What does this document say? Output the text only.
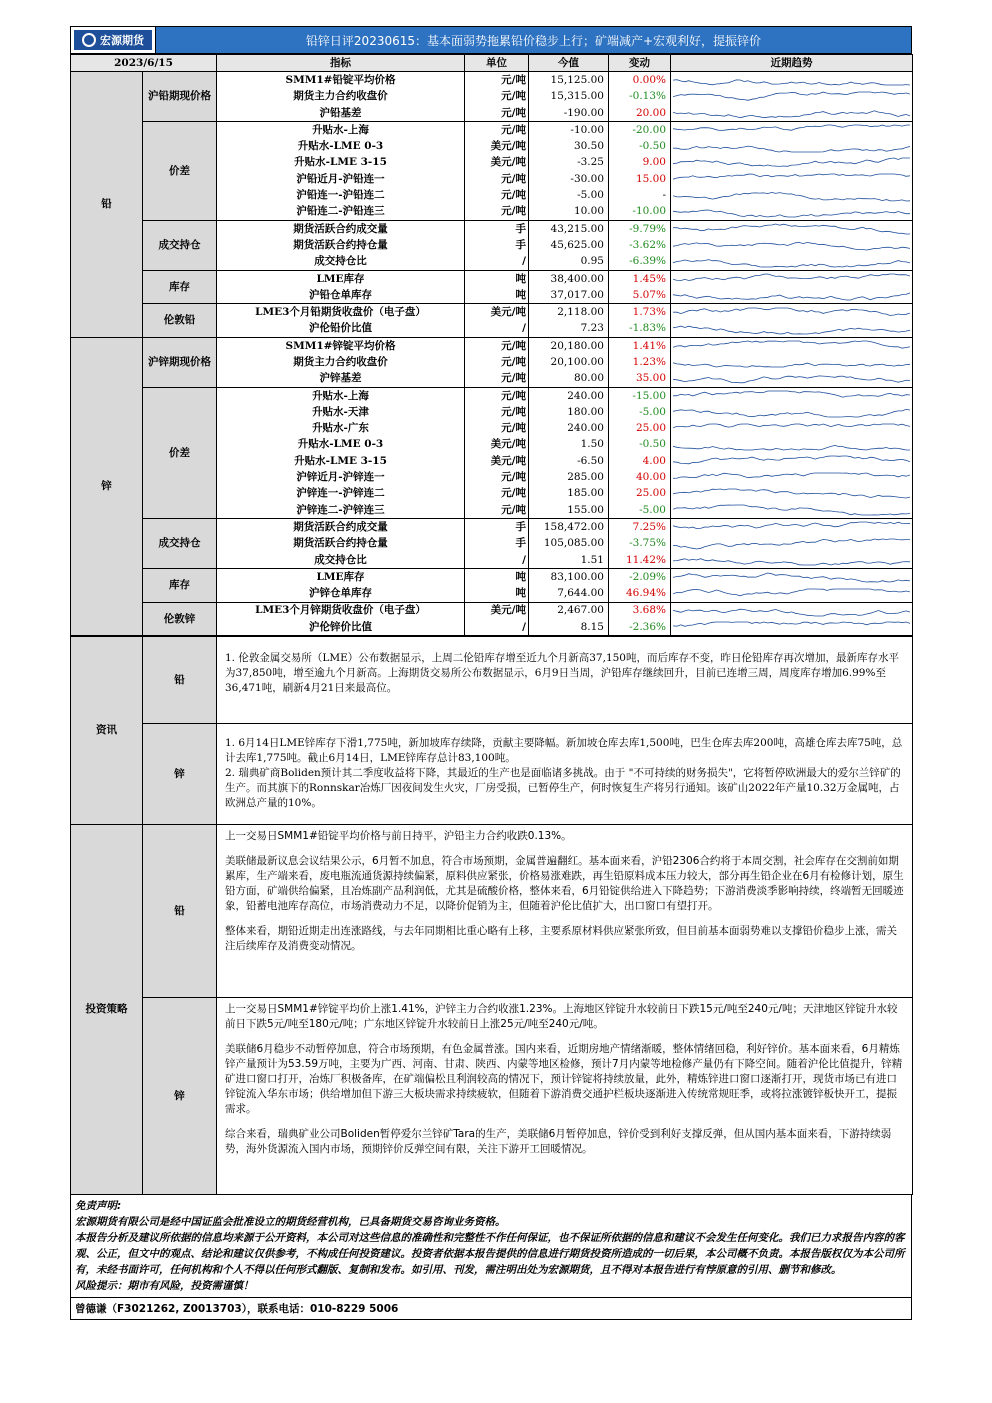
宏源期货	铅锌日评20230615：基本面弱势拖累铅价稳步上行；矿端减产+宏观利好，提振锌价
2023/6/15		指标	单位	今值	变动	近期趋势
铅	沪铅期现价格	SMM1#铅锭平均价格	元/吨	15,125.00	0.00%	

		期货主力合约收盘价	元/吨	15,315.00	-0.13%	

		沪铅基差	元/吨	-190.00	20.00	

	价差	升贴水-上海	元/吨	-10.00	-20.00	

		升贴水-LME 0-3	美元/吨	30.50	-0.50	

		升贴水-LME 3-15	美元/吨	-3.25	9.00	

		沪铅近月-沪铅连一	元/吨	-30.00	15.00	

		沪铅连一-沪铅连二	元/吨	-5.00	-	

		沪铅连二-沪铅连三	元/吨	10.00	-10.00	

	成交持仓	期货活跃合约成交量	手	43,215.00	-9.79%	

		期货活跃合约持仓量	手	45,625.00	-3.62%	

		成交持仓比	/	0.95	-6.39%	

	库存	LME库存	吨	38,400.00	1.45%	

		沪铅仓单库存	吨	37,017.00	5.07%	

	伦敦铅	LME3个月铅期货收盘价（电子盘）	美元/吨	2,118.00	1.73%	

		沪伦铅价比值	/	7.23	-1.83%	

锌	沪锌期现价格	SMM1#锌锭平均价格	元/吨	20,180.00	1.41%	

		期货主力合约收盘价	元/吨	20,100.00	1.23%	

		沪锌基差	元/吨	80.00	35.00	

	价差	升贴水-上海	元/吨	240.00	-15.00	

		升贴水-天津	元/吨	180.00	-5.00	

		升贴水-广东	元/吨	240.00	25.00	

		升贴水-LME 0-3	美元/吨	1.50	-0.50	

		升贴水-LME 3-15	美元/吨	-6.50	4.00	

		沪锌近月-沪锌连一	元/吨	285.00	40.00	

		沪锌连一-沪锌连二	元/吨	185.00	25.00	

		沪锌连二-沪锌连三	元/吨	155.00	-5.00	

	成交持仓	期货活跃合约成交量	手	158,472.00	7.25%	

		期货活跃合约持仓量	手	105,085.00	-3.75%	

		成交持仓比	/	1.51	11.42%	

	库存	LME库存	吨	83,100.00	-2.09%	

		沪锌仓单库存	吨	7,644.00	46.94%	

	伦敦锌	LME3个月锌期货收盘价（电子盘）	美元/吨	2,467.00	3.68%	

		沪伦锌价比值	/	8.15	-2.36%	
资讯	铅	1. 伦敦金属交易所（LME）公布数据显示，上周二伦铅库存增至近九个月新高37,150吨，而后库存不变，昨日伦铅库存再次增加，最新库存水平为37,850吨，增至逾九个月新高。上海期货交易所公布数据显示，6月9日当周，沪铅库存继续回升，目前已连增三周，周度库存增加6.99%至36,471吨，刷新4月21日来最高位。
	锌	1. 6月14日LME锌库存下滑1,775吨，新加坡库存续降，贡献主要降幅。新加坡仓库去库1,500吨，巴生仓库去库200吨，高雄仓库去库75吨，总计去库1,775吨。截止6月14日，LME锌库存总计83,100吨。
2. 瑞典矿商Boliden预计其二季度收益将下降，其最近的生产也是面临诸多挑战。由于 "不可持续的财务损失"，它将暂停欧洲最大的爱尔兰锌矿的生产。而其旗下的Ronnskar冶炼厂因夜间发生火灾，厂房受损，已暂停生产，何时恢复生产将另行通知。该矿山2022年产量10.32万金属吨，占欧洲总产量的10%。

投资策略	铅	上一交易日SMM1#铅锭平均价格与前日持平，沪铅主力合约收跌0.13%。

美联储最新议息会议结果公示，6月暂不加息，符合市场预期，金属普遍翻红。基本面来看，沪铅2306合约将于本周交割，社会库存在交割前如期累库，生产端来看，废电瓶流通货源持续偏紧，原料供应紧张，价格易涨难跌，再生铅原料成本压力较大，部分再生铅企业在6月有检修计划，原生铅方面，矿端供给偏紧，且冶炼副产品利润低，尤其是硫酸价格，整体来看，6月铅锭供给进入下降趋势；下游消费淡季影响持续，终端暂无回暖迹象，铅蓄电池库存高位，市场消费动力不足，以降价促销为主，但随着沪伦比值扩大，出口窗口有望打开。

整体来看，期铅近期走出连涨路线，与去年同期相比重心略有上移，主要系原材料供应紧张所致，但目前基本面弱势难以支撑铅价稳步上涨，需关注后续库存及消费变动情况。

	锌	上一交易日SMM1#锌锭平均价上涨1.41%，沪锌主力合约收涨1.23%。上海地区锌锭升水较前日下跌15元/吨至240元/吨；天津地区锌锭升水较前日下跌5元/吨至180元/吨；广东地区锌锭升水较前日上涨25元/吨至240元/吨。

美联储6月稳步不动暂停加息，符合市场预期，有色金属普涨。国内来看，近期房地产情绪渐暖，整体情绪回稳，利好锌价。基本面来看，6月精炼锌产量预计为53.59万吨，主要为广西、河南、甘肃、陕西、内蒙等地区检修，预计7月内蒙等地检修产量仍有下降空间。随着沪伦比值提升，锌精矿进口窗口打开，冶炼厂积极备库，在矿端偏松且利润较高的情况下，预计锌锭将持续放量，此外，精炼锌进口窗口逐渐打开，现货市场已有进口锌锭流入华东市场；供给增加但下游三大板块需求持续疲软，但随着下游消费交通护栏板块逐渐进入传统常规旺季，或将拉涨镀锌板快开工，提振需求。

综合来看，瑞典矿业公司Boliden暂停爱尔兰锌矿Tara的生产，美联储6月暂停加息，锌价受到利好支撑反弹，但从国内基本面来看，下游持续弱势，海外货源流入国内市场，预期锌价反弹空间有限，关注下游开工回暖情况。

免责声明:

宏源期货有限公司是经中国证监会批准设立的期货经营机构，已具备期货交易咨询业务资格。

本报告分析及建议所依据的信息均来源于公开资料，本公司对这些信息的准确性和完整性不作任何保证，也不保证所依据的信息和建议不会发生任何变化。我们已力求报告内容的客观、公正，但文中的观点、结论和建议仅供参考，不构成任何投资建议。投资者依据本报告提供的信息进行期货投资所造成的一切后果，本公司概不负责。本报告版权仅为本公司所有，未经书面许可，任何机构和个人不得以任何形式翻版、复制和发布。如引用、刊发，需注明出处为宏源期货，且不得对本报告进行有悖原意的引用、删节和修改。

风险提示：期市有风险，投资需谨慎！

曾德谦（F3021262, Z0013703），联系电话：010-8229 5006
